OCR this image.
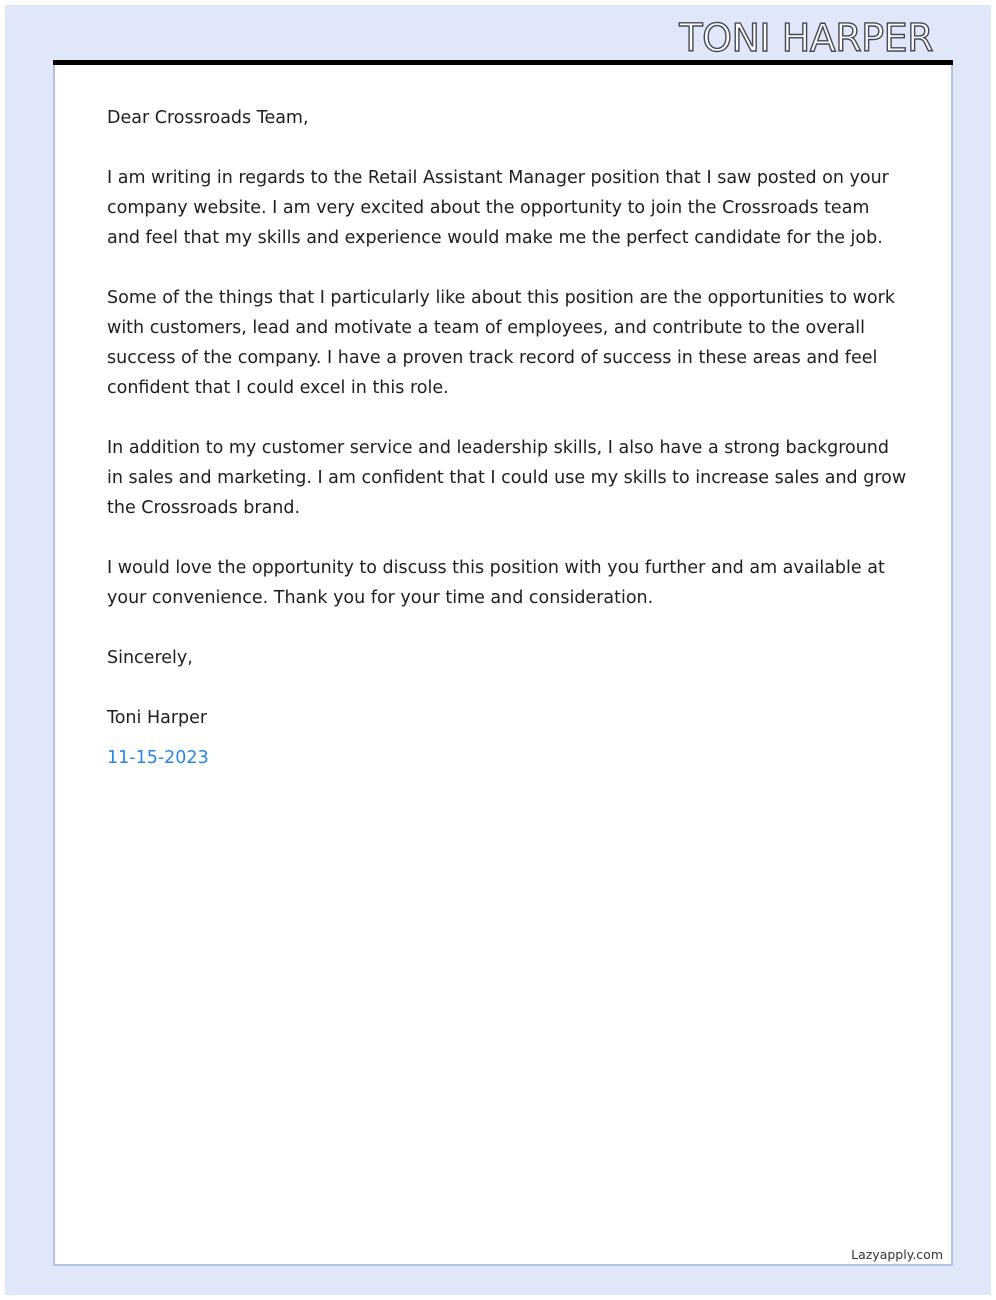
TONI HARPER

Dear Crossroads Team,

I am writing in regards to the Retail Assistant Manager position that I saw posted on your company website. I am very excited about the opportunity to join the Crossroads team and feel that my skills and experience would make me the perfect candidate for the job.

Some of the things that I particularly like about this position are the opportunities to work with customers, lead and motivate a team of employees, and contribute to the overall success of the company. I have a proven track record of success in these areas and feel confident that I could excel in this role.

In addition to my customer service and leadership skills, I also have a strong background in sales and marketing. I am confident that I could use my skills to increase sales and grow the Crossroads brand.

I would love the opportunity to discuss this position with you further and am available at your convenience. Thank you for your time and consideration.

Sincerely,

Toni Harper

11-15-2023

Lazyapply.com
